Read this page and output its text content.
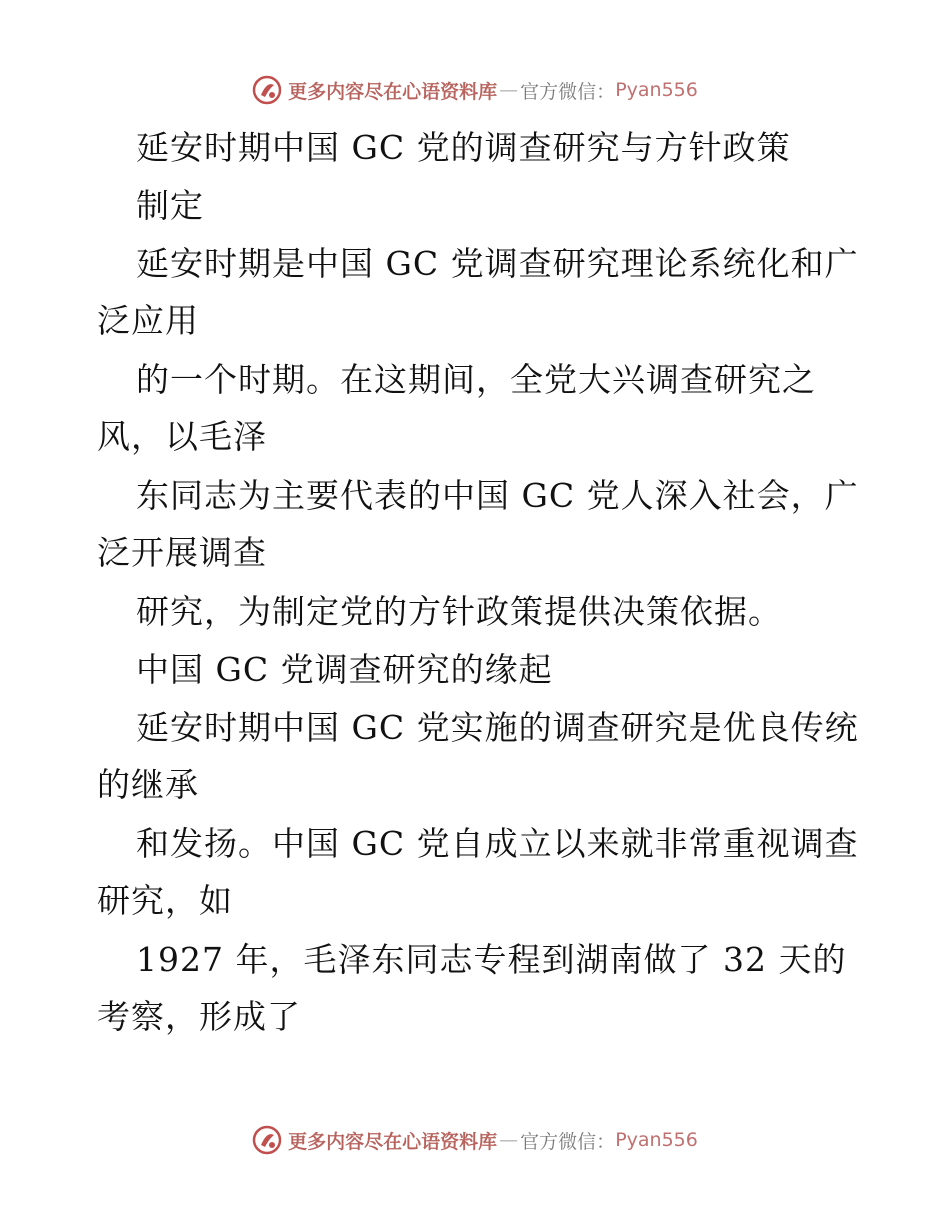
更多内容尽在心语资料库 — 官方微信： Pyan556
延安时期中国 GC 党的调查研究与方针政策
制定
延安时期是中国 GC 党调查研究理论系统化和广
泛应用
的一个时期。在这期间，全党大兴调查研究之
风，以毛泽
东同志为主要代表的中国 GC 党人深入社会，广
泛开展调查
研究，为制定党的方针政策提供决策依据。
中国 GC 党调查研究的缘起
延安时期中国 GC 党实施的调查研究是优良传统
的继承
和发扬。中国 GC 党自成立以来就非常重视调查
研究，如
1927 年，毛泽东同志专程到湖南做了 32 天的
考察，形成了
更多内容尽在心语资料库 — 官方微信： Pyan556
